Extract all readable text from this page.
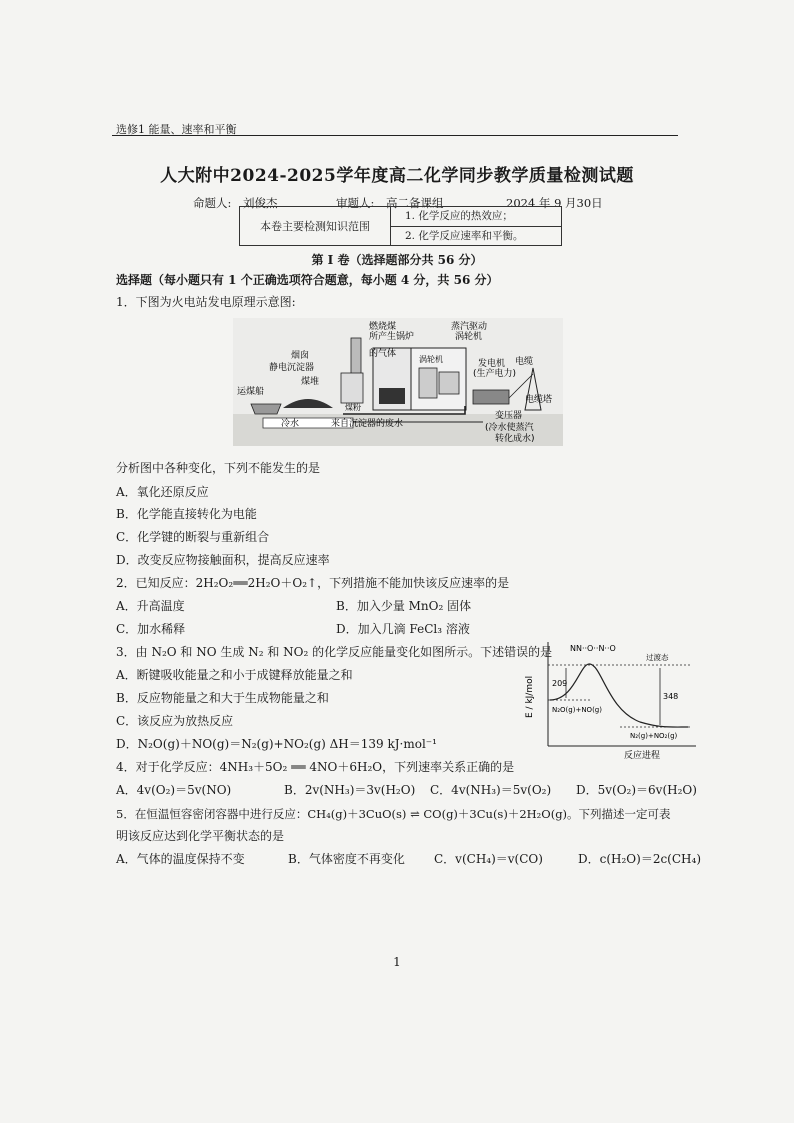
选修1 能量、速率和平衡
人大附中2024-2025学年度高二化学同步教学质量检测试题
命题人: 刘俊杰	审题人: 高二备课组	2024 年 9 月30日
本卷主要检测知识范围
1. 化学反应的热效应；
2. 化学反应速率和平衡。
第 I 卷（选择题部分共 56 分）
选择题（每小题只有 1 个正确选项符合题意，每小题 4 分，共 56 分）
1．下图为火电站发电原理示意图:
燃烧煤
所产生锅炉
蒸汽驱动
涡轮机
烟囱
静电沉淀器
的气体
煤堆
煤粉
涡轮机	发电机
(生产电力)
电缆
电缆塔
运煤船
冷水	来自沉淀器的废水
变压器
(冷水使蒸汽
转化成水)
分析图中各种变化，下列不能发生的是
A．氧化还原反应
B．化学能直接转化为电能
C．化学键的断裂与重新组合
D．改变反应物接触面积，提高反应速率
2．已知反应：2H₂O₂══2H₂O＋O₂↑，下列措施不能加快该反应速率的是
A．升高温度	B．加入少量 MnO₂ 固体
C．加水稀释	D．加入几滴 FeCl₃ 溶液
3．由 N₂O 和 NO 生成 N₂ 和 NO₂ 的化学反应能量变化如图所示。下述错误的是
A．断键吸收能量之和小于成键释放能量之和
B．反应物能量之和大于生成物能量之和
C．该反应为放热反应
D．N₂O(g)＋NO(g)＝N₂(g)+NO₂(g) ΔH＝139 kJ·mol⁻¹
E / kJ/mol
反应进程
过渡态
NN··O··N··O
N₂O(g)+NO(g)
N₂(g)+NO₂(g)
209
348
4．对于化学反应：4NH₃＋5O₂ ══ 4NO＋6H₂O，下列速率关系正确的是
A．4v(O₂)＝5v(NO)	B．2v(NH₃)＝3v(H₂O) C．4v(NH₃)＝5v(O₂) D．5v(O₂)＝6v(H₂O)
5．在恒温恒容密闭容器中进行反应：CH₄(g)＋3CuO(s) ⇌ CO(g)＋3Cu(s)＋2H₂O(g)。下列描述一定可表
明该反应达到化学平衡状态的是
A．气体的温度保持不变	B．气体密度不再变化 C．v(CH₄)＝v(CO)	D．c(H₂O)＝2c(CH₄)
1
